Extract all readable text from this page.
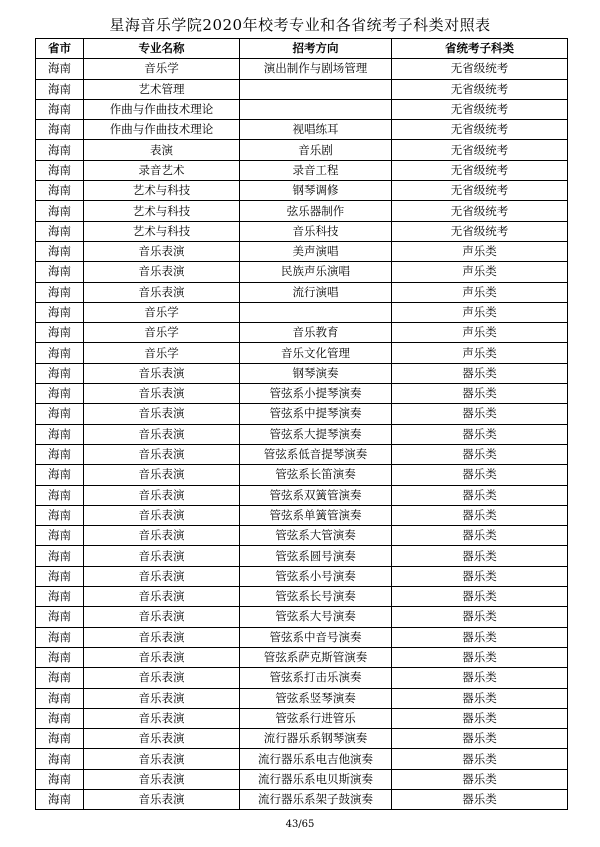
星海音乐学院2020年校考专业和各省统考子科类对照表
省市	专业名称	招考方向	省统考子科类
海南	音乐学	演出制作与剧场管理	无省级统考
海南	艺术管理		无省级统考
海南	作曲与作曲技术理论		无省级统考
海南	作曲与作曲技术理论	视唱练耳	无省级统考
海南	表演	音乐剧	无省级统考
海南	录音艺术	录音工程	无省级统考
海南	艺术与科技	钢琴调修	无省级统考
海南	艺术与科技	弦乐器制作	无省级统考
海南	艺术与科技	音乐科技	无省级统考
海南	音乐表演	美声演唱	声乐类
海南	音乐表演	民族声乐演唱	声乐类
海南	音乐表演	流行演唱	声乐类
海南	音乐学		声乐类
海南	音乐学	音乐教育	声乐类
海南	音乐学	音乐文化管理	声乐类
海南	音乐表演	钢琴演奏	器乐类
海南	音乐表演	管弦系小提琴演奏	器乐类
海南	音乐表演	管弦系中提琴演奏	器乐类
海南	音乐表演	管弦系大提琴演奏	器乐类
海南	音乐表演	管弦系低音提琴演奏	器乐类
海南	音乐表演	管弦系长笛演奏	器乐类
海南	音乐表演	管弦系双簧管演奏	器乐类
海南	音乐表演	管弦系单簧管演奏	器乐类
海南	音乐表演	管弦系大管演奏	器乐类
海南	音乐表演	管弦系圆号演奏	器乐类
海南	音乐表演	管弦系小号演奏	器乐类
海南	音乐表演	管弦系长号演奏	器乐类
海南	音乐表演	管弦系大号演奏	器乐类
海南	音乐表演	管弦系中音号演奏	器乐类
海南	音乐表演	管弦系萨克斯管演奏	器乐类
海南	音乐表演	管弦系打击乐演奏	器乐类
海南	音乐表演	管弦系竖琴演奏	器乐类
海南	音乐表演	管弦系行进管乐	器乐类
海南	音乐表演	流行器乐系钢琴演奏	器乐类
海南	音乐表演	流行器乐系电吉他演奏	器乐类
海南	音乐表演	流行器乐系电贝斯演奏	器乐类
海南	音乐表演	流行器乐系架子鼓演奏	器乐类
43/65
